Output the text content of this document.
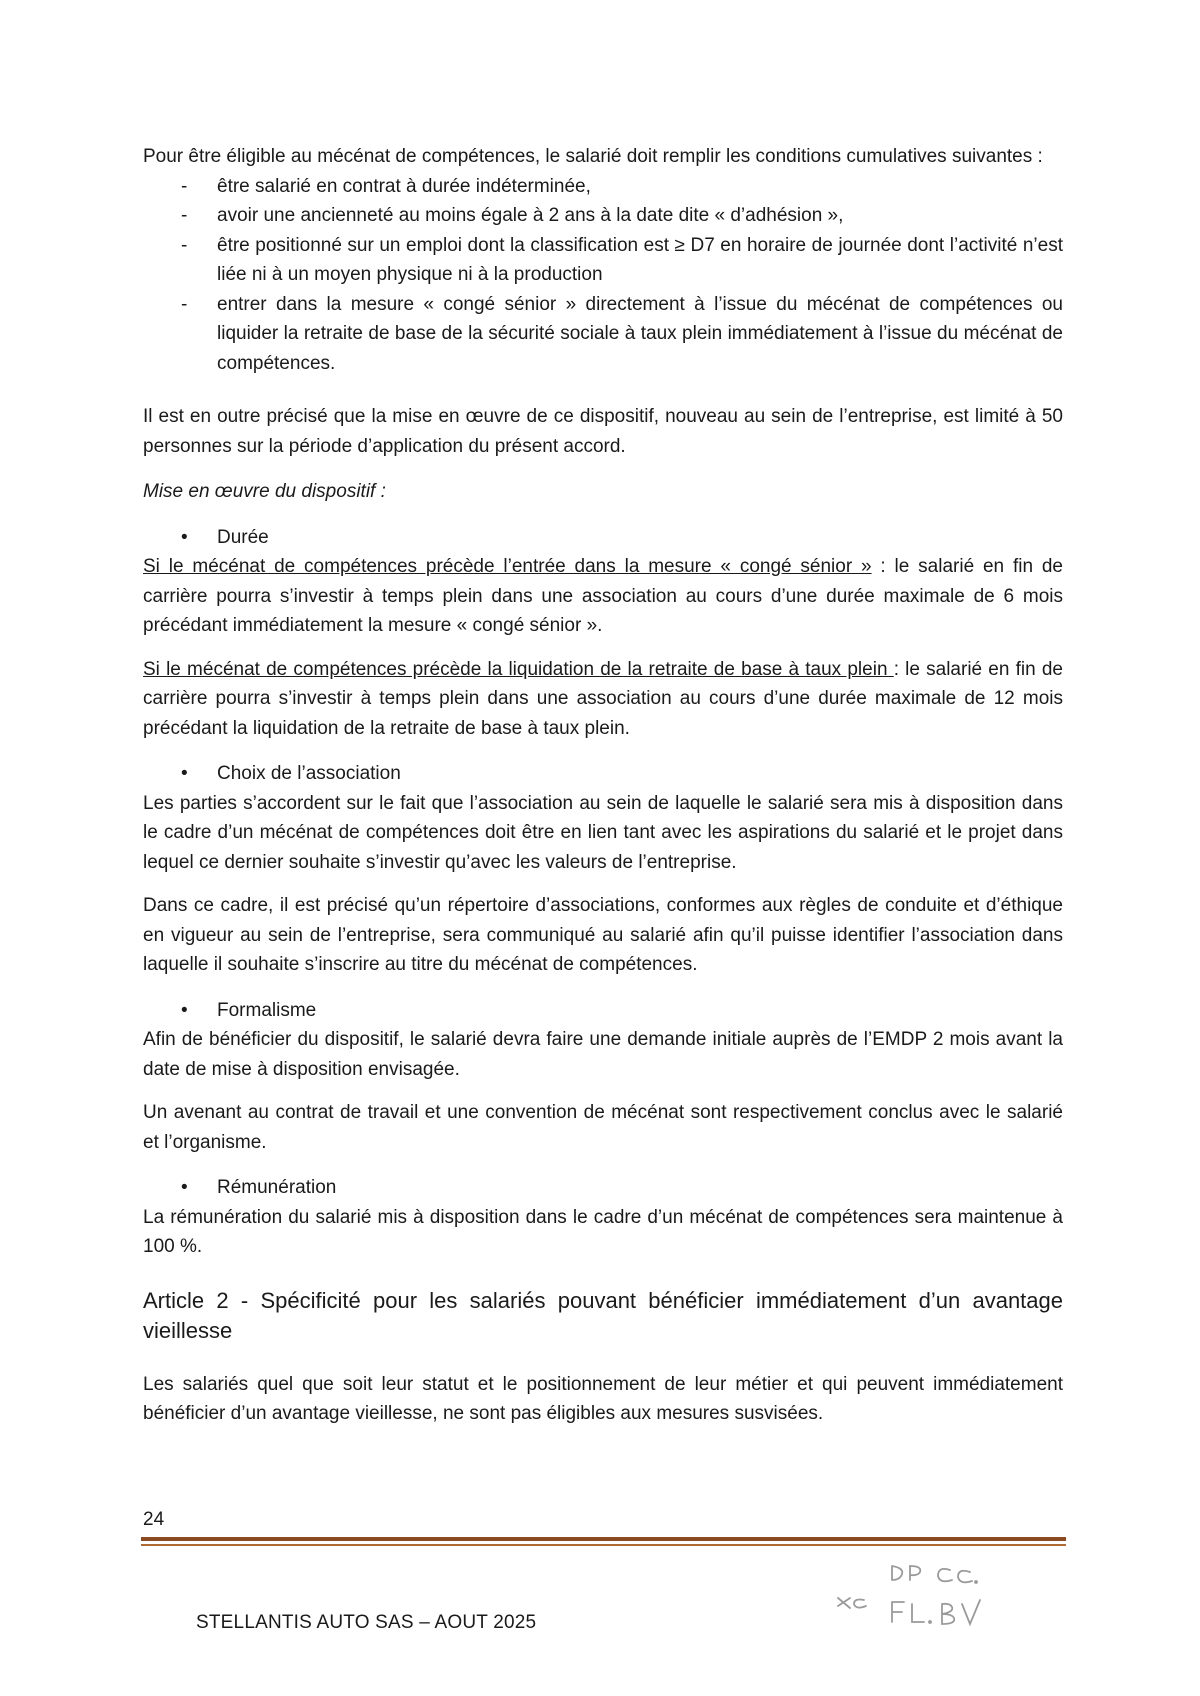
Pour être éligible au mécénat de compétences, le salarié doit remplir les conditions cumulatives suivantes :

- être salarié en contrat à durée indéterminée,
- avoir une ancienneté au moins égale à 2 ans à la date dite « d’adhésion »,
- être positionné sur un emploi dont la classification est ≥ D7 en horaire de journée dont l’activité n’est liée ni à un moyen physique ni à la production
- entrer dans la mesure « congé sénior » directement à l’issue du mécénat de compétences ou liquider la retraite de base de la sécurité sociale à taux plein immédiatement à l’issue du mécénat de compétences.

Il est en outre précisé que la mise en œuvre de ce dispositif, nouveau au sein de l’entreprise, est limité à 50 personnes sur la période d’application du présent accord.

Mise en œuvre du dispositif :

• Durée

Si le mécénat de compétences précède l’entrée dans la mesure « congé sénior » : le salarié en fin de carrière pourra s’investir à temps plein dans une association au cours d’une durée maximale de 6 mois précédant immédiatement la mesure « congé sénior ».

Si le mécénat de compétences précède la liquidation de la retraite de base à taux plein : le salarié en fin de carrière pourra s’investir à temps plein dans une association au cours d’une durée maximale de 12 mois précédant la liquidation de la retraite de base à taux plein.

• Choix de l’association

Les parties s’accordent sur le fait que l’association au sein de laquelle le salarié sera mis à disposition dans le cadre d’un mécénat de compétences doit être en lien tant avec les aspirations du salarié et le projet dans lequel ce dernier souhaite s’investir qu’avec les valeurs de l’entreprise.

Dans ce cadre, il est précisé qu’un répertoire d’associations, conformes aux règles de conduite et d’éthique en vigueur au sein de l’entreprise, sera communiqué au salarié afin qu’il puisse identifier l’association dans laquelle il souhaite s’inscrire au titre du mécénat de compétences.

• Formalisme

Afin de bénéficier du dispositif, le salarié devra faire une demande initiale auprès de l’EMDP 2 mois avant la date de mise à disposition envisagée.

Un avenant au contrat de travail et une convention de mécénat sont respectivement conclus avec le salarié et l’organisme.

• Rémunération

La rémunération du salarié mis à disposition dans le cadre d’un mécénat de compétences sera maintenue à 100 %.

Article 2 - Spécificité pour les salariés pouvant bénéficier immédiatement d’un avantage vieillesse

Les salariés quel que soit leur statut et le positionnement de leur métier et qui peuvent immédiatement bénéficier d’un avantage vieillesse, ne sont pas éligibles aux mesures susvisées.

24
STELLANTIS AUTO SAS – AOUT 2025
